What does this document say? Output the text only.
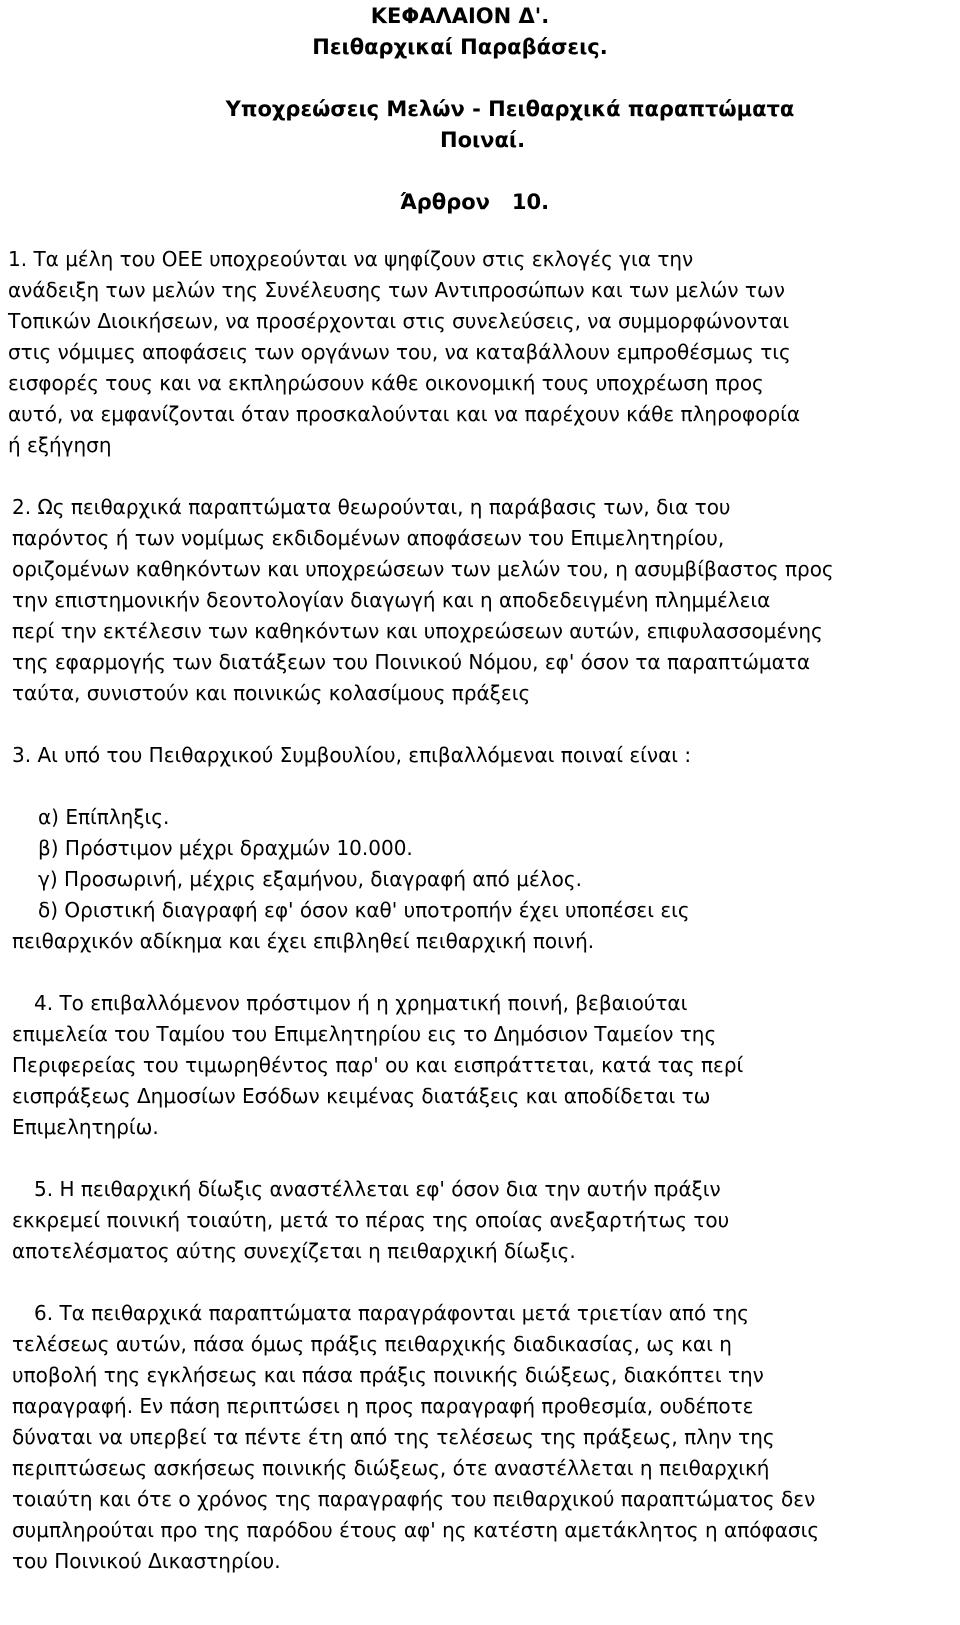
ΚΕΦΑΛΑΙΟΝ Δ'.
Πειθαρχικαί Παραβάσεις.
Υποχρεώσεις Μελών - Πειθαρχικά παραπτώματα
Ποιναί.
Άρθρον   10.
1. Τα μέλη του ΟΕΕ υποχρεούνται να ψηφίζουν στις εκλογές για την
ανάδειξη των μελών της Συνέλευσης των Αντιπροσώπων και των μελών των
Τοπικών Διοικήσεων, να προσέρχονται στις συνελεύσεις, να συμμορφώνονται
στις νόμιμες αποφάσεις των οργάνων του, να καταβάλλουν εμπροθέσμως τις
εισφορές τους και να εκπληρώσουν κάθε οικονομική τους υποχρέωση προς
αυτό, να εμφανίζονται όταν προσκαλούνται και να παρέχουν κάθε πληροφορία
ή εξήγηση
2. Ως πειθαρχικά παραπτώματα θεωρούνται, η παράβασις των, δια του
παρόντος ή των νομίμως εκδιδομένων αποφάσεων του Επιμελητηρίου,
οριζομένων καθηκόντων και υποχρεώσεων των μελών του, η ασυμβίβαστος προς
την επιστημονικήν δεοντολογίαν διαγωγή και η αποδεδειγμένη πλημμέλεια
περί την εκτέλεσιν των καθηκόντων και υποχρεώσεων αυτών, επιφυλασσομένης
της εφαρμογής των διατάξεων του Ποινικού Νόμου, εφ' όσον τα παραπτώματα
ταύτα, συνιστούν και ποινικώς κολασίμους πράξεις
3. Αι υπό του Πειθαρχικού Συμβουλίου, επιβαλλόμεναι ποιναί είναι :
α) Επίπληξις.
β) Πρόστιμον μέχρι δραχμών 10.000.
γ) Προσωρινή, μέχρις εξαμήνου, διαγραφή από μέλος.
δ) Οριστική διαγραφή εφ' όσον καθ' υποτροπήν έχει υποπέσει εις
πειθαρχικόν αδίκημα και έχει επιβληθεί πειθαρχική ποινή.
4. Το επιβαλλόμενον πρόστιμον ή η χρηματική ποινή, βεβαιούται
επιμελεία του Ταμίου του Επιμελητηρίου εις το Δημόσιον Ταμείον της
Περιφερείας του τιμωρηθέντος παρ' ου και εισπράττεται, κατά τας περί
εισπράξεως Δημοσίων Εσόδων κειμένας διατάξεις και αποδίδεται τω
Επιμελητηρίω.
5. Η πειθαρχική δίωξις αναστέλλεται εφ' όσον δια την αυτήν πράξιν
εκκρεμεί ποινική τοιαύτη, μετά το πέρας της οποίας ανεξαρτήτως του
αποτελέσματος αύτης συνεχίζεται η πειθαρχική δίωξις.
6. Τα πειθαρχικά παραπτώματα παραγράφονται μετά τριετίαν από της
τελέσεως αυτών, πάσα όμως πράξις πειθαρχικής διαδικασίας, ως και η
υποβολή της εγκλήσεως και πάσα πράξις ποινικής διώξεως, διακόπτει την
παραγραφή. Εν πάση περιπτώσει η προς παραγραφή προθεσμία, ουδέποτε
δύναται να υπερβεί τα πέντε έτη από της τελέσεως της πράξεως, πλην της
περιπτώσεως ασκήσεως ποινικής διώξεως, ότε αναστέλλεται η πειθαρχική
τοιαύτη και ότε ο χρόνος της παραγραφής του πειθαρχικού παραπτώματος δεν
συμπληρούται προ της παρόδου έτους αφ' ης κατέστη αμετάκλητος η απόφασις
του Ποινικού Δικαστηρίου.
